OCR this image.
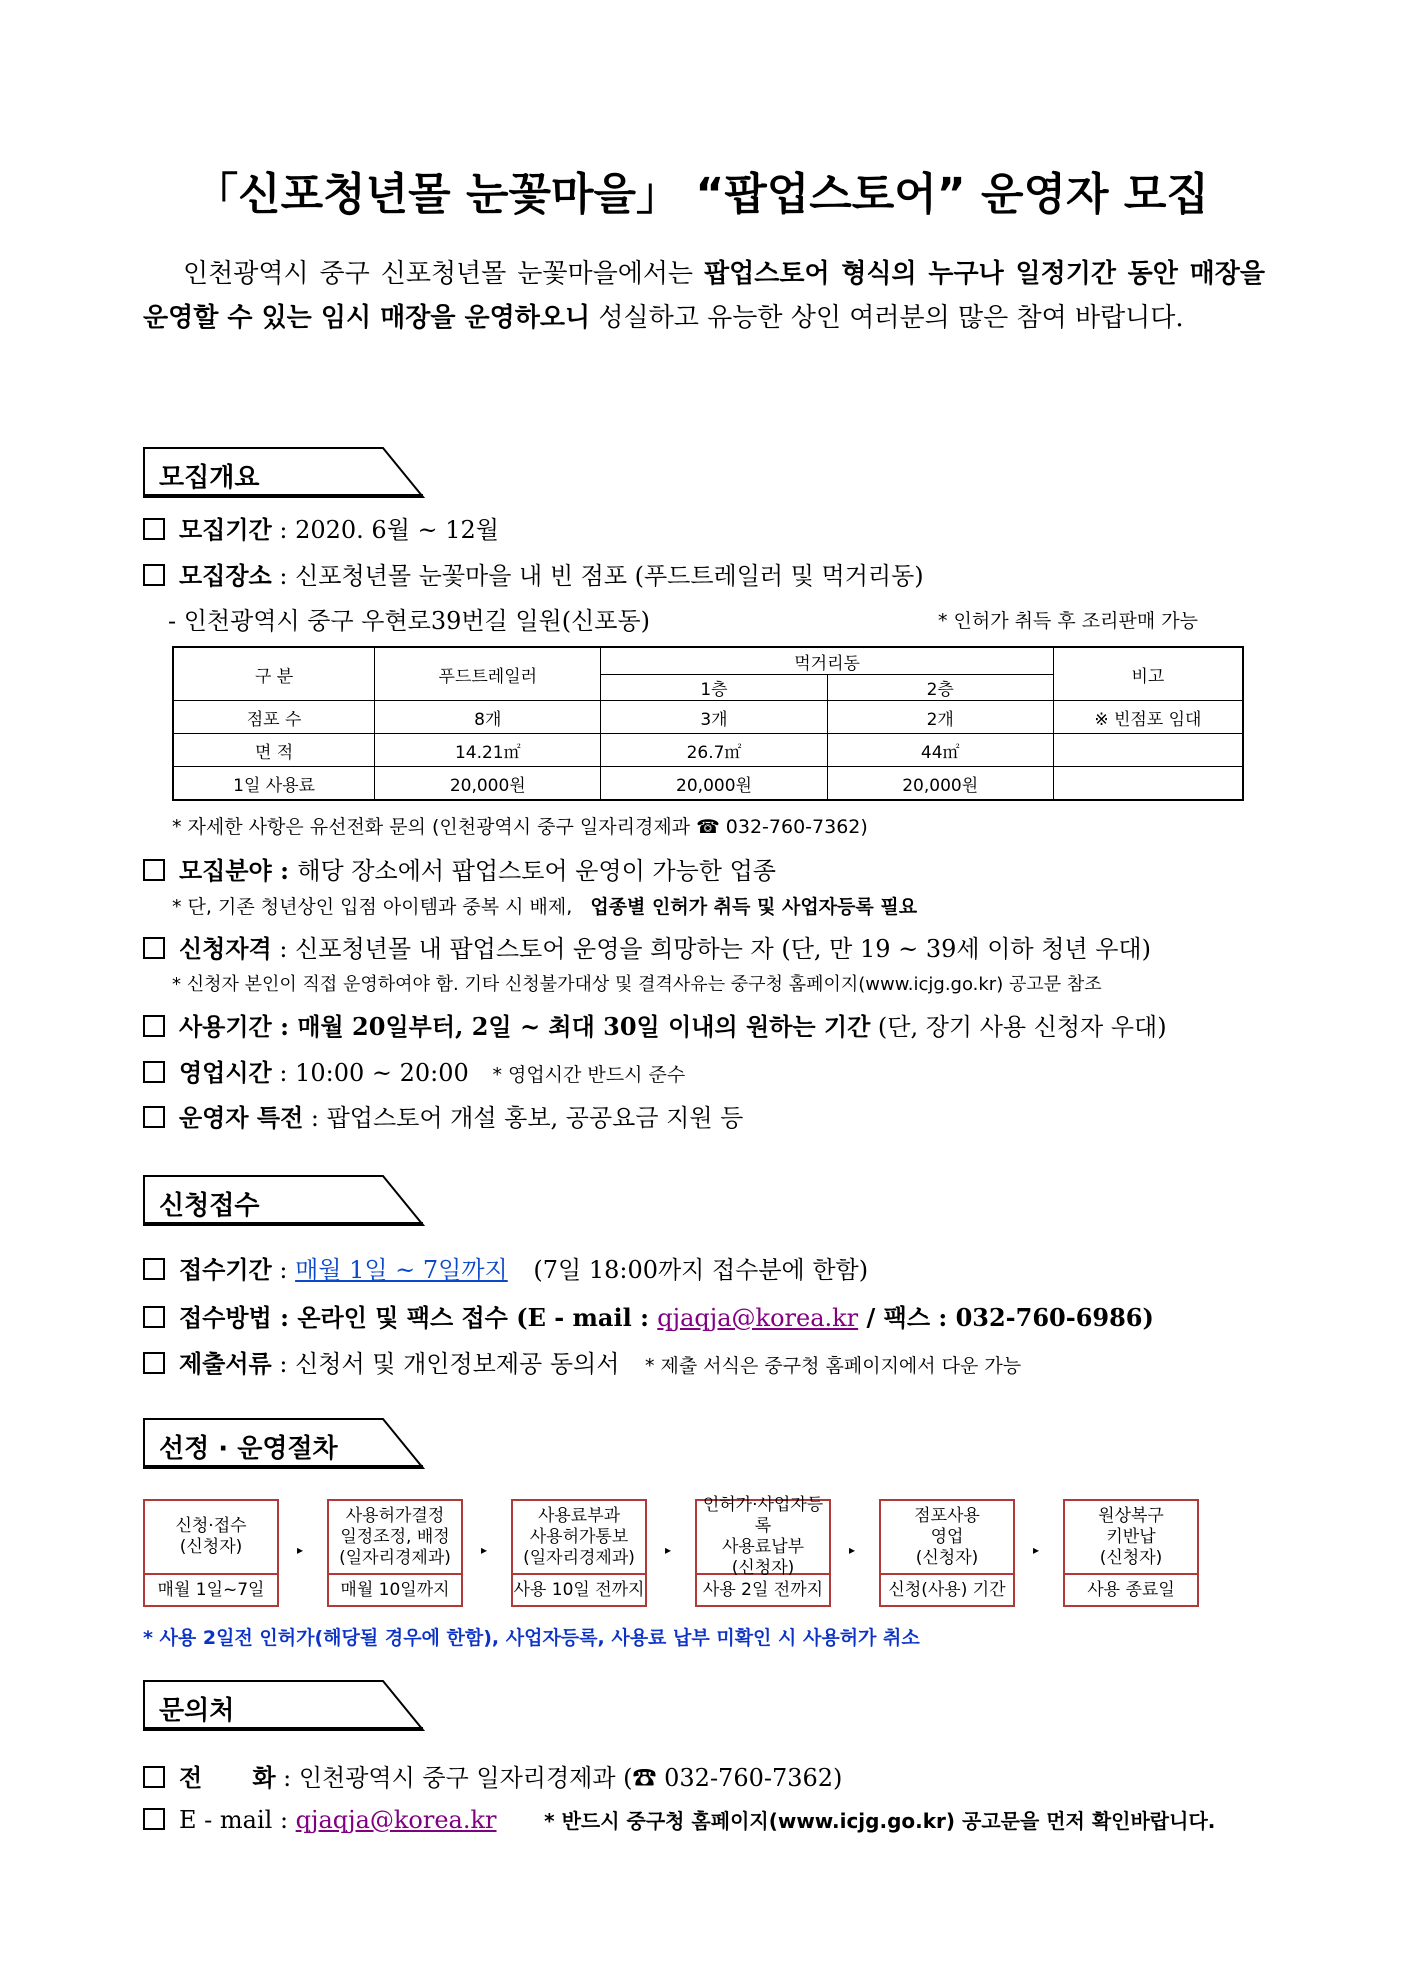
「신포청년몰 눈꽃마을」 “팝업스토어” 운영자 모집

인천광역시 중구 신포청년몰 눈꽃마을에서는 팝업스토어 형식의 누구나 일정기간 동안 매장을 운영할 수 있는 임시 매장을 운영하오니 성실하고 유능한 상인 여러분의 많은 참여 바랍니다.

모집개요
모집기간 : 2020. 6월 ~ 12월
모집장소 : 신포청년몰 눈꽃마을 내 빈 점포 (푸드트레일러 및 먹거리동)
- 인천광역시 중구 우현로39번길 일원(신포동)	* 인허가 취득 후 조리판매 가능
구 분	푸드트레일러	먹거리동		비고
		1층	2층	
점포 수	8개	3개	2개	※ 빈점포 임대
면 적	14.21㎡	26.7㎡	44㎡	
1일 사용료	20,000원	20,000원	20,000원	
* 자세한 사항은 유선전화 문의 (인천광역시 중구 일자리경제과 ☎ 032-760-7362)
모집분야 : 해당 장소에서 팝업스토어 운영이 가능한 업종
* 단, 기존 청년상인 입점 아이템과 중복 시 배제, 업종별 인허가 취득 및 사업자등록 필요
신청자격 : 신포청년몰 내 팝업스토어 운영을 희망하는 자 (단, 만 19 ~ 39세 이하 청년 우대)
* 신청자 본인이 직접 운영하여야 함. 기타 신청불가대상 및 결격사유는 중구청 홈페이지(www.icjg.go.kr) 공고문 참조
사용기간 : 매월 20일부터, 2일 ~ 최대 30일 이내의 원하는 기간 (단, 장기 사용 신청자 우대)
영업시간 : 10:00 ~ 20:00 * 영업시간 반드시 준수
운영자 특전 : 팝업스토어 개설 홍보, 공공요금 지원 등
신청접수
접수기간 : 매월 1일 ~ 7일까지 (7일 18:00까지 접수분에 한함)
접수방법 : 온라인 및 팩스 접수 (E - mail : qjaqja@korea.kr / 팩스 : 032-760-6986)
제출서류 : 신청서 및 개인정보제공 동의서 * 제출 서식은 중구청 홈페이지에서 다운 가능
선정 · 운영절차
신청·접수
(신청자)
매월 1일~7일
▸
사용허가결정
일정조정, 배정
(일자리경제과)
매월 10일까지
▸
사용료부과
사용허가통보
(일자리경제과)
사용 10일 전까지
▸
인허가·사업자등록
사용료납부
(신청자)
사용 2일 전까지
▸
점포사용
영업
(신청자)
신청(사용) 기간
▸
원상복구
키반납
(신청자)
사용 종료일
* 사용 2일전 인허가(해당될 경우에 한함), 사업자등록, 사용료 납부 미확인 시 사용허가 취소
문의처
전      화 : 인천광역시 중구 일자리경제과 (☎ 032-760-7362)
E - mail : qjaqja@korea.kr * 반드시 중구청 홈페이지(www.icjg.go.kr) 공고문을 먼저 확인바랍니다.
